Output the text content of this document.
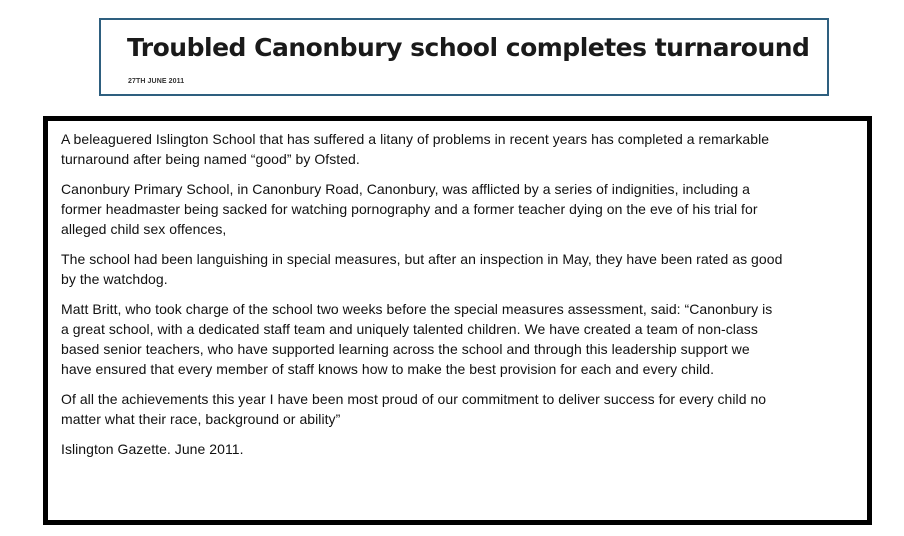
Troubled Canonbury school completes turnaround
27TH JUNE 2011

A beleaguered Islington School that has suffered a litany of problems in recent years has completed a remarkable
turnaround after being named “good” by Ofsted.

Canonbury Primary School, in Canonbury Road, Canonbury, was afflicted by a series of indignities, including a
former headmaster being sacked for watching pornography and a former teacher dying on the eve of his trial for
alleged child sex offences,

The school had been languishing in special measures, but after an inspection in May, they have been rated as good
by the watchdog.

Matt Britt, who took charge of the school two weeks before the special measures assessment, said: “Canonbury is
a great school, with a dedicated staff team and uniquely talented children. We have created a team of non-class
based senior teachers, who have supported learning across the school and through this leadership support we
have ensured that every member of staff knows how to make the best provision for each and every child.

Of all the achievements this year I have been most proud of our commitment to deliver success for every child no
matter what their race, background or ability”

Islington Gazette. June 2011.
